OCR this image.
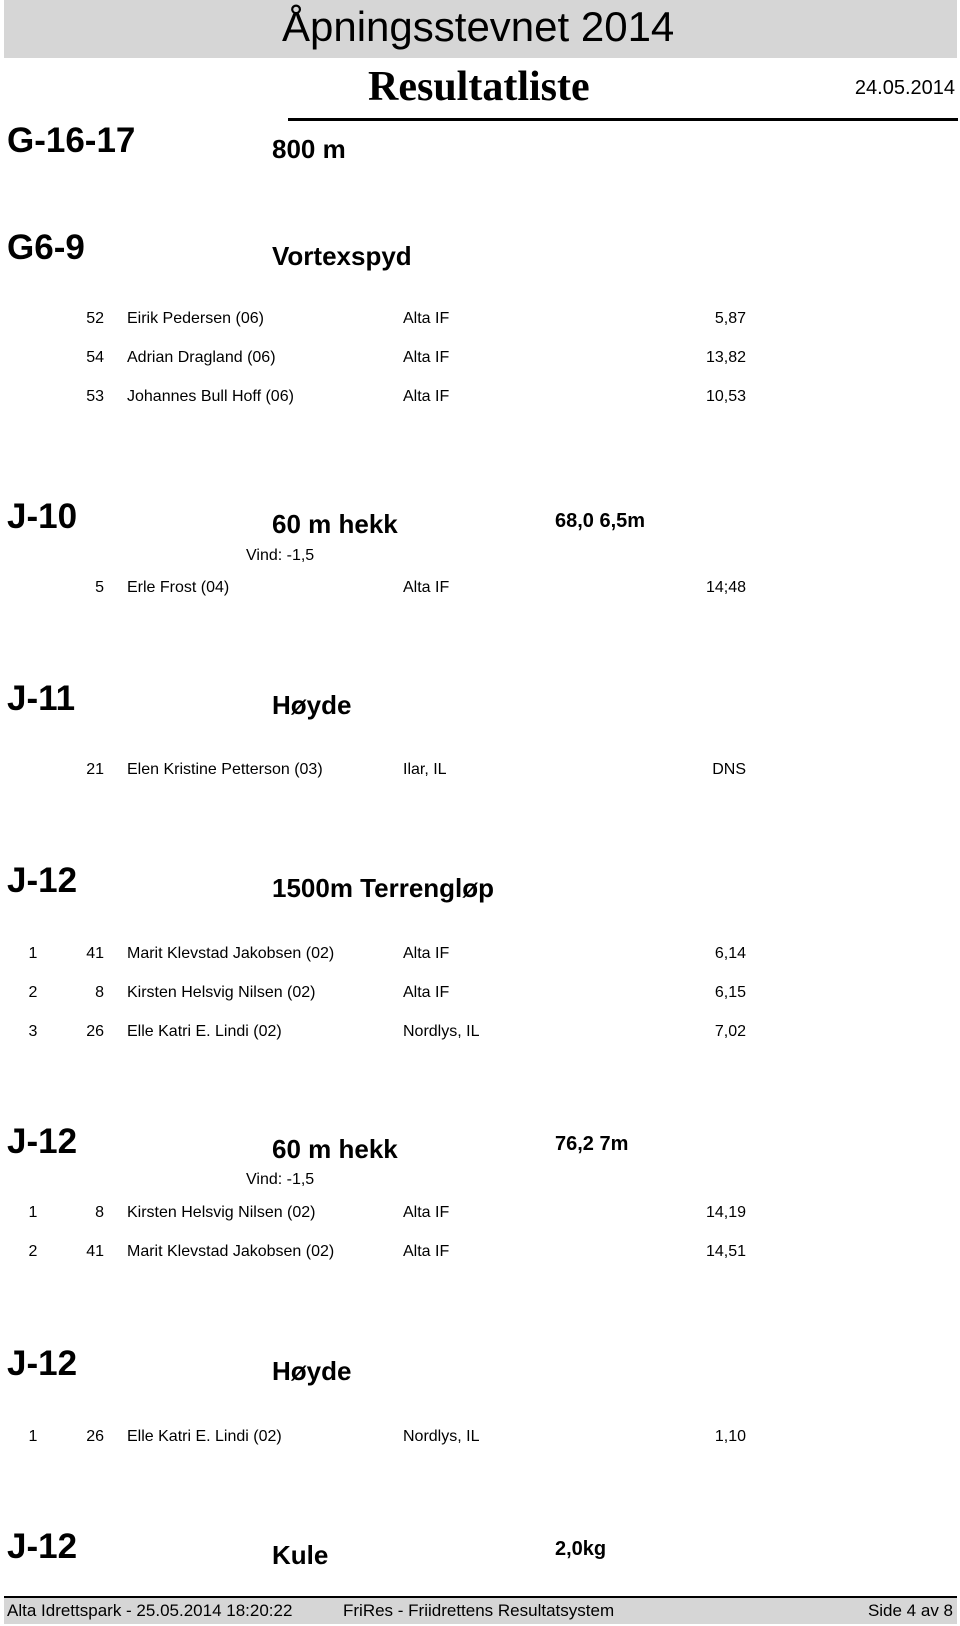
Åpningsstevnet 2014
Resultatliste	24.05.2014
G-16-17	800 m
G6-9	Vortexspyd
52 Eirik Pedersen (06)	Alta IF	5,87
54 Adrian Dragland (06)	Alta IF	13,82
53 Johannes Bull Hoff (06)	Alta IF	10,53
J-10	60 m hekk	68,0 6,5m
Vind: -1,5
5 Erle Frost (04)	Alta IF	14;48
J-11	Høyde
21 Elen Kristine Petterson (03)	Ilar, IL	DNS
J-12	1500m Terrengløp
1	41 Marit Klevstad Jakobsen (02)	Alta IF	6,14
2	8 Kirsten Helsvig Nilsen (02)	Alta IF	6,15
3	26 Elle Katri E. Lindi (02)	Nordlys, IL	7,02
J-12	60 m hekk	76,2 7m
Vind: -1,5
1	8 Kirsten Helsvig Nilsen (02)	Alta IF	14,19
2	41 Marit Klevstad Jakobsen (02)	Alta IF	14,51
J-12	Høyde
1	26 Elle Katri E. Lindi (02)	Nordlys, IL	1,10
J-12	Kule	2,0kg
Alta Idrettspark - 25.05.2014 18:20:22	FriRes - Friidrettens Resultatsystem	Side 4 av 8
